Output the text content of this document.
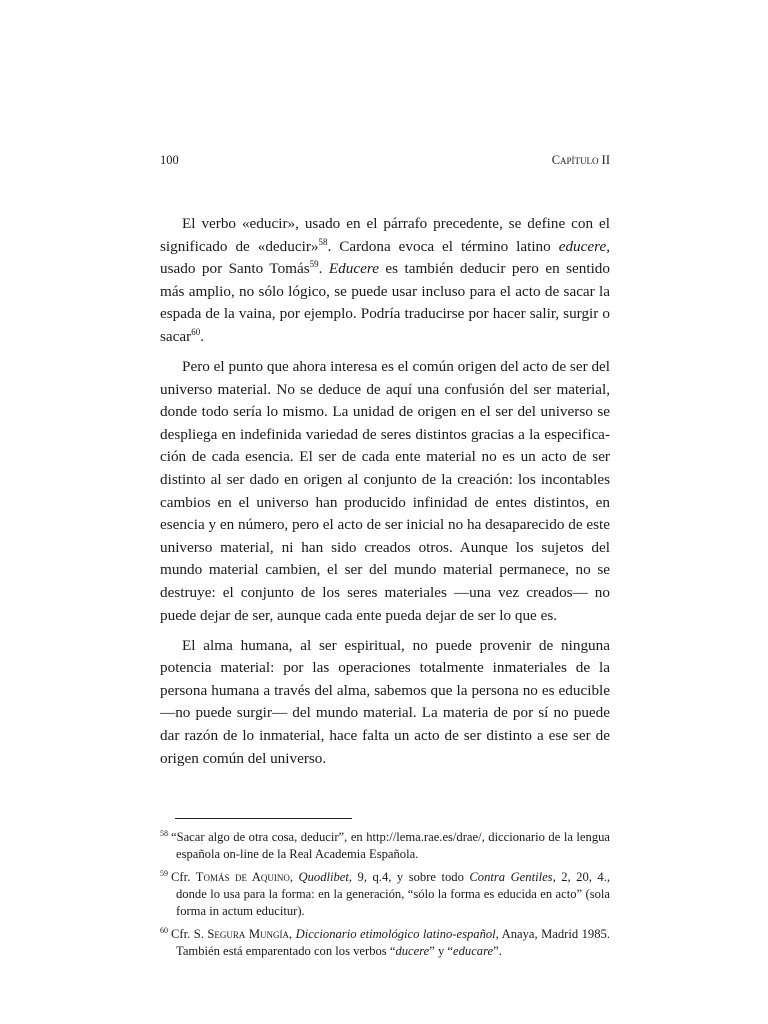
100	Capítulo II

El verbo «educir», usado en el párrafo precedente, se define con el significado de «deducir»$^{58}$. Cardona evoca el término latino educere, usado por Santo Tomás$^{59}$. Educere es también deducir pero en sentido más amplio, no sólo lógico, se puede usar incluso para el acto de sacar la espada de la vaina, por ejemplo. Podría traducirse por hacer salir, surgir o sacar$^{60}$.

Pero el punto que ahora interesa es el común origen del acto de ser del universo material. No se deduce de aquí una confusión del ser material, donde todo sería lo mismo. La unidad de origen en el ser del universo se despliega en indefinida variedad de seres distintos gracias a la especificación de cada esencia. El ser de cada ente material no es un acto de ser distinto al ser dado en origen al conjunto de la creación: los incontables cambios en el universo han producido infinidad de entes distintos, en esencia y en número, pero el acto de ser inicial no ha desaparecido de este universo material, ni han sido creados otros. Aunque los sujetos del mundo material cambien, el ser del mundo material permanece, no se destruye: el conjunto de los seres materiales —una vez creados— no puede dejar de ser, aunque cada ente pueda dejar de ser lo que es.

El alma humana, al ser espiritual, no puede provenir de ninguna potencia material: por las operaciones totalmente inmateriales de la persona humana a través del alma, sabemos que la persona no es educible —no puede surgir— del mundo material. La materia de por sí no puede dar razón de lo inmaterial, hace falta un acto de ser distinto a ese ser de origen común del universo.

$^{58}$ “Sacar algo de otra cosa, deducir”, en http://lema.rae.es/drae/, diccionario de la lengua española on-line de la Real Academia Española.
$^{59}$ Cfr. Tomás de Aquino, Quodlibet, 9, q.4, y sobre todo Contra Gentiles, 2, 20, 4., donde lo usa para la forma: en la generación, “sólo la forma es educida en acto” (sola forma in actum educitur).
$^{60}$ Cfr. S. Segura Mungía, Diccionario etimológico latino-español, Anaya, Madrid 1985. También está emparentado con los verbos “ducere” y “educare”.
